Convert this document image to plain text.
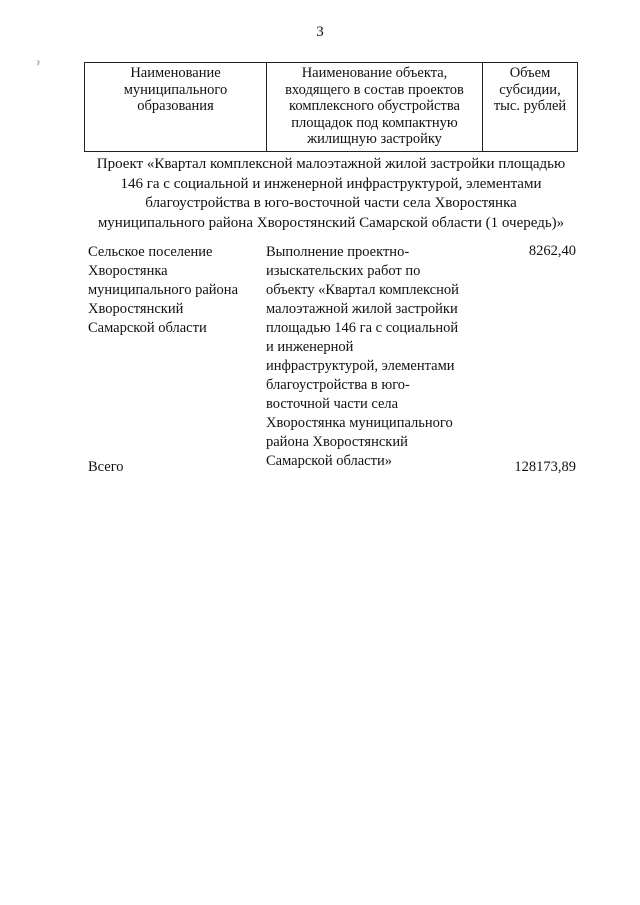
3
ˀ	Наименование
муниципального
образования
Наименование объекта,
входящего в состав проектов
комплексного обустройства
площадок под компактную
жилищную застройку
Объем
субсидии,
тыс. рублей
Проект «Квартал комплексной малоэтажной жилой застройки площадью
146 га с социальной и инженерной инфраструктурой, элементами
благоустройства в юго-восточной части села Хворостянка
муниципального района Хворостянский Самарской области (1 очередь)»
Сельское поселение
Хворостянка
муниципального района
Хворостянский
Самарской области
Выполнение проектно-
изыскательских работ по
объекту «Квартал комплексной
малоэтажной жилой застройки
площадью 146 га с социальной
и инженерной
инфраструктурой, элементами
благоустройства в юго-
восточной части села
Хворостянка муниципального
района Хворостянский
Самарской области»
8262,40
Всего	128173,89
